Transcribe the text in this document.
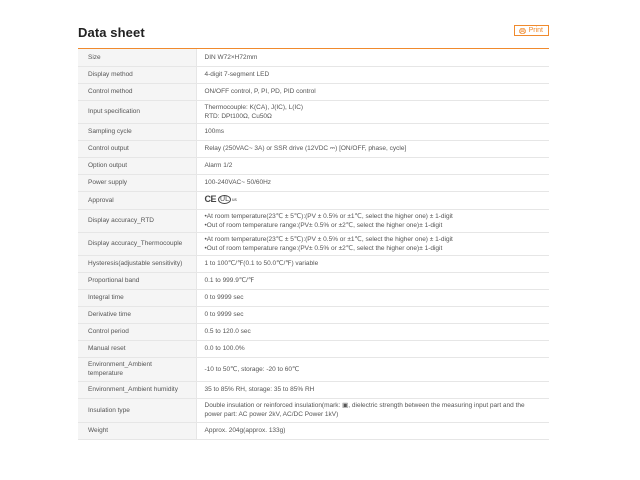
Data sheet	Print
Size	DIN W72×H72mm

Display method	4-digit 7-segment LED

Control method	ON/OFF control, P, PI, PD, PID control

Input specification	Thermocouple: K(CA), J(IC), L(IC)
RTD: DPt100Ω, Cu50Ω

Sampling cycle	100ms

Control output	Relay (250VAC~ 3A) or SSR drive (12VDC ⎓) [ON/OFF, phase, cycle]

Option output	Alarm 1/2

Power supply	100-240VAC~ 50/60Hz

Approval	CE UL us

Display accuracy_RTD	•At room temperature(23℃ ± 5℃):(PV ± 0.5% or ±1℃, select the higher one) ± 1-digit
•Out of room temperature range:(PV± 0.5% or ±2℃, select the higher one)± 1-digit

Display accuracy_Thermocouple	•At room temperature(23℃ ± 5℃):(PV ± 0.5% or ±1℃, select the higher one) ± 1-digit
•Out of room temperature range:(PV± 0.5% or ±2℃, select the higher one)± 1-digit

Hysteresis(adjustable sensitivity)	1 to 100℃/℉(0.1 to 50.0℃/℉) variable

Proportional band	0.1 to 999.9℃/℉

Integral time	0 to 9999 sec

Derivative time	0 to 9999 sec

Control period	0.5 to 120.0 sec

Manual reset	0.0 to 100.0%

Environment_Ambient temperature	-10 to 50℃, storage: -20 to 60℃

Environment_Ambient humidity	35 to 85% RH, storage: 35 to 85% RH

Insulation type	Double insulation or reinforced insulation(mark: ▣, dielectric strength between the measuring input part and the power part: AC power 2kV, AC/DC Power 1kV)

Weight	Approx. 204g(approx. 133g)
